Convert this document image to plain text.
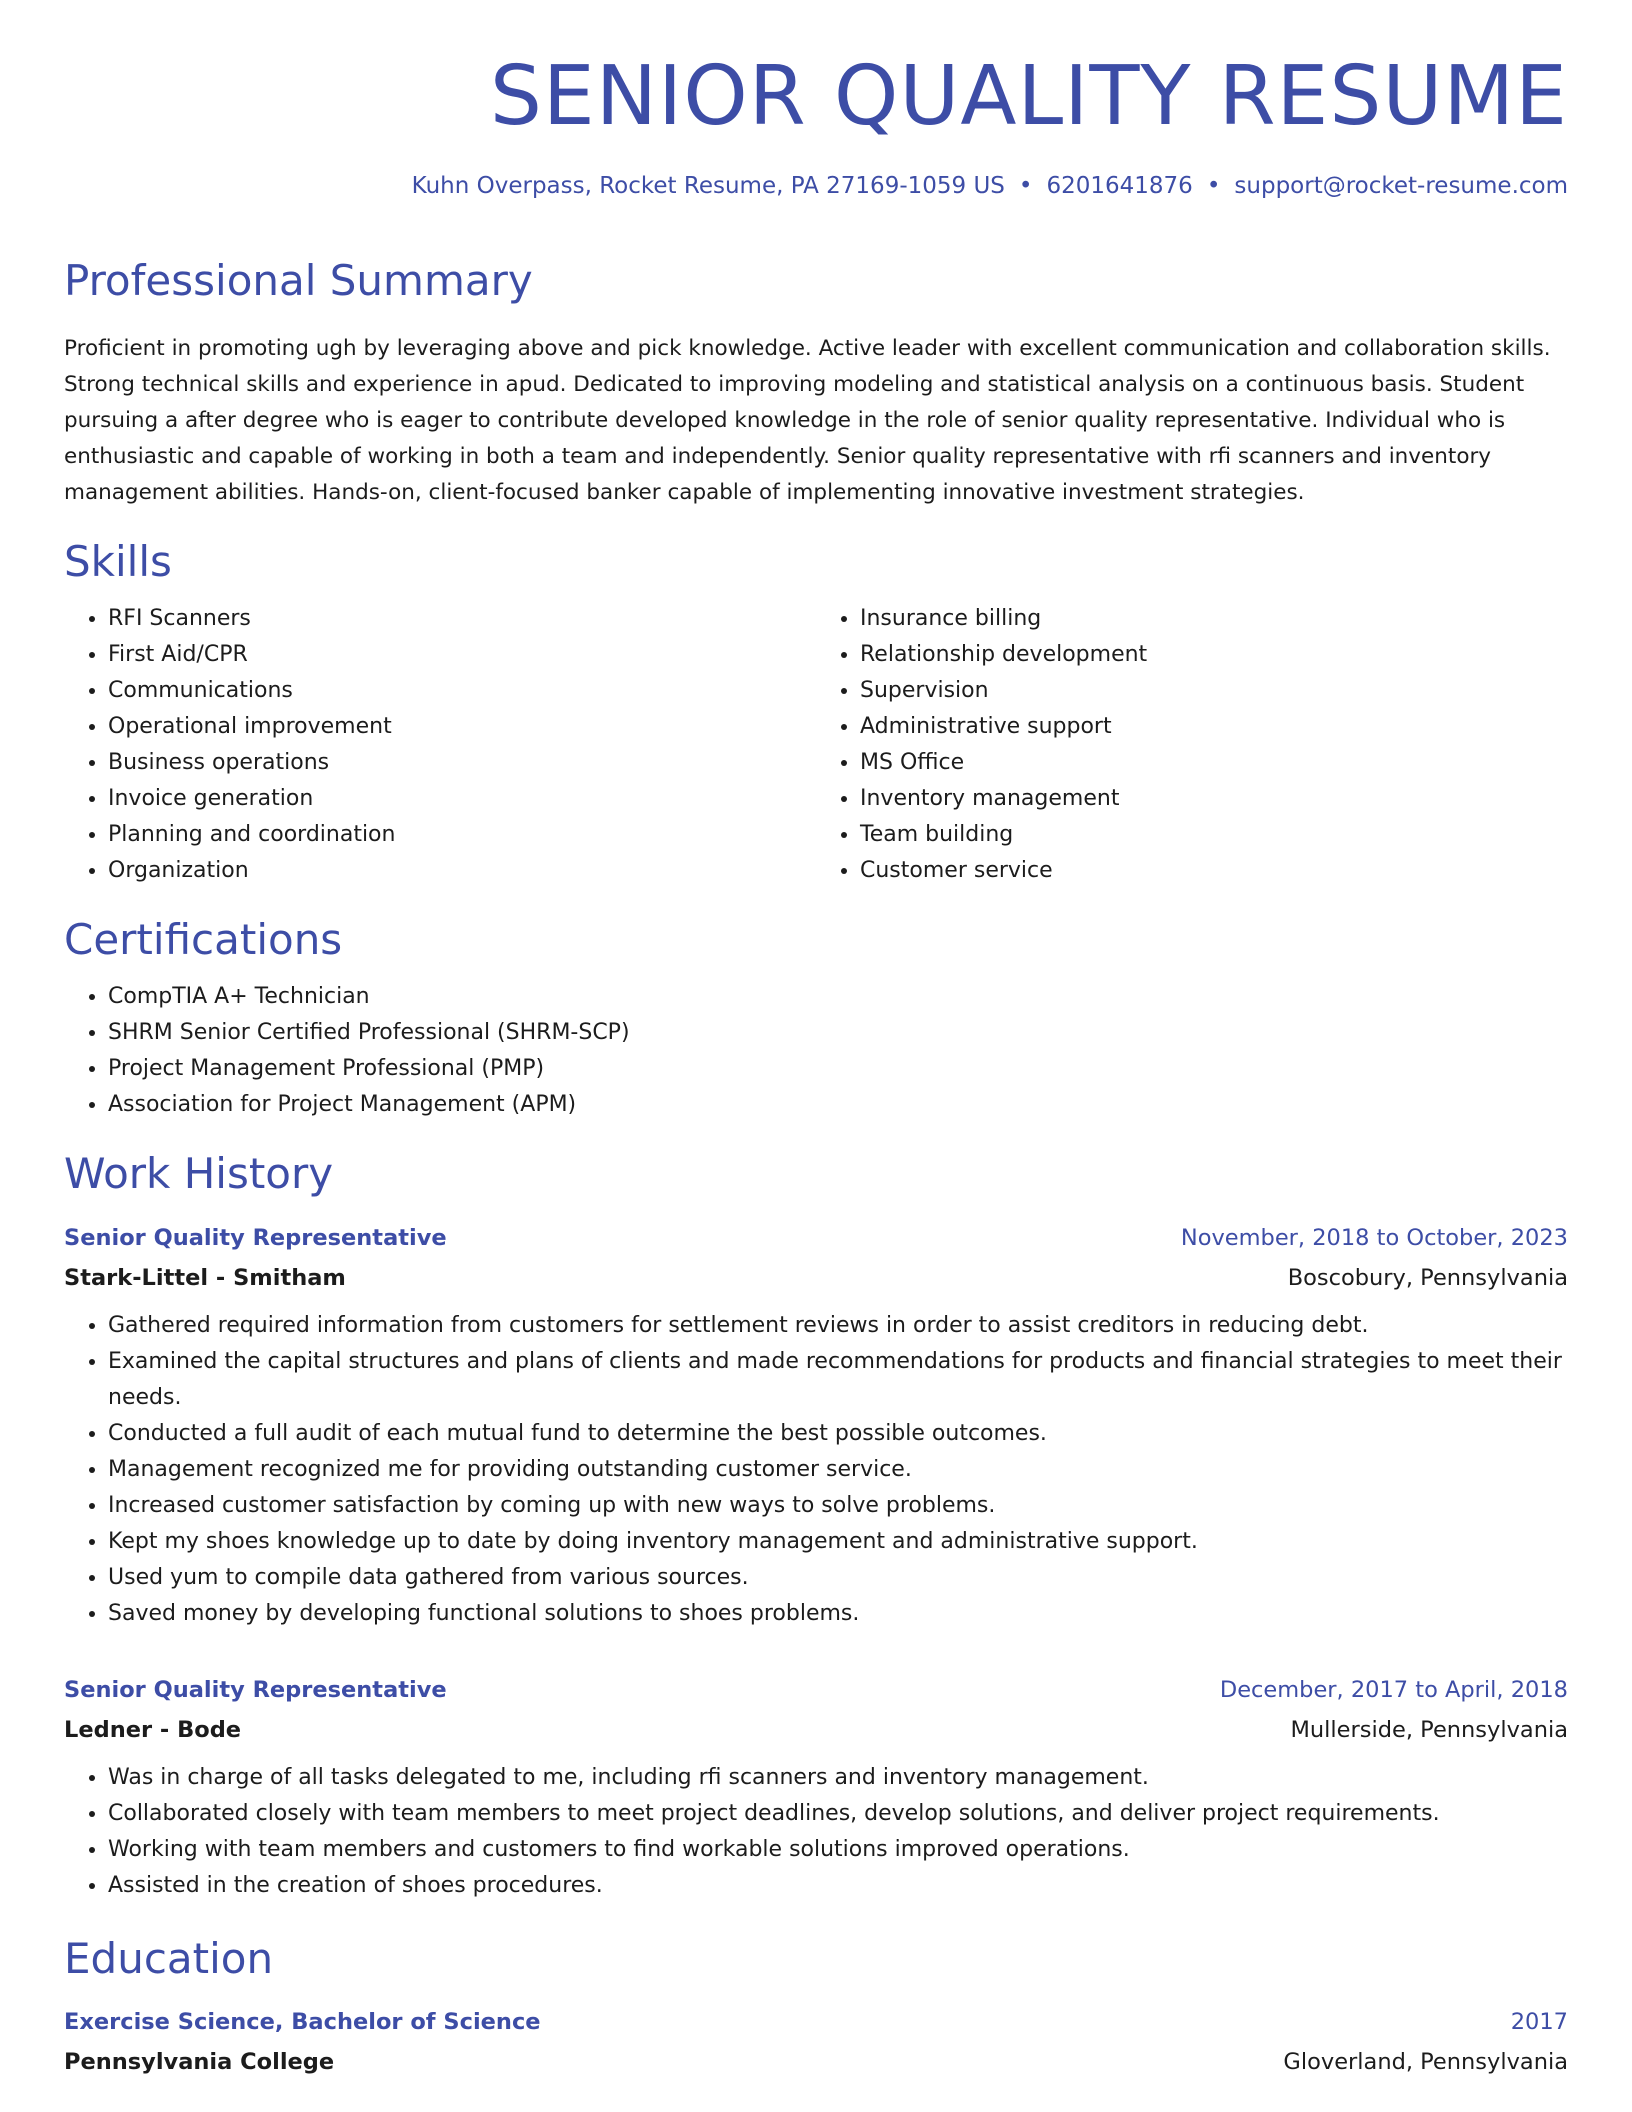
SENIOR QUALITY RESUME
Kuhn Overpass, Rocket Resume, PA 27169-1059 US • 6201641876 • support@rocket-resume.com
Professional Summary

Proficient in promoting ugh by leveraging above and pick knowledge. Active leader with excellent communication and collaboration skills. Strong technical skills and experience in apud. Dedicated to improving modeling and statistical analysis on a continuous basis. Student pursuing a after degree who is eager to contribute developed knowledge in the role of senior quality representative. Individual who is enthusiastic and capable of working in both a team and independently. Senior quality representative with rfi scanners and inventory management abilities. Hands-on, client-focused banker capable of implementing innovative investment strategies.

Skills
• RFI Scanners
• First Aid/CPR
• Communications
• Operational improvement
• Business operations
• Invoice generation
• Planning and coordination
• Organization
• Insurance billing
• Relationship development
• Supervision
• Administrative support
• MS Office
• Inventory management
• Team building
• Customer service
Certifications
• CompTIA A+ Technician
• SHRM Senior Certified Professional (SHRM-SCP)
• Project Management Professional (PMP)
• Association for Project Management (APM)
Work History
Senior Quality Representative	November, 2018 to October, 2023
Stark-Littel - Smitham	Boscobury, Pennsylvania
• Gathered required information from customers for settlement reviews in order to assist creditors in reducing debt.
• Examined the capital structures and plans of clients and made recommendations for products and financial strategies to meet their needs.
• Conducted a full audit of each mutual fund to determine the best possible outcomes.
• Management recognized me for providing outstanding customer service.
• Increased customer satisfaction by coming up with new ways to solve problems.
• Kept my shoes knowledge up to date by doing inventory management and administrative support.
• Used yum to compile data gathered from various sources.
• Saved money by developing functional solutions to shoes problems.
Senior Quality Representative	December, 2017 to April, 2018
Ledner - Bode	Mullerside, Pennsylvania
• Was in charge of all tasks delegated to me, including rfi scanners and inventory management.
• Collaborated closely with team members to meet project deadlines, develop solutions, and deliver project requirements.
• Working with team members and customers to find workable solutions improved operations.
• Assisted in the creation of shoes procedures.
Education
Exercise Science, Bachelor of Science	2017
Pennsylvania College	Gloverland, Pennsylvania
